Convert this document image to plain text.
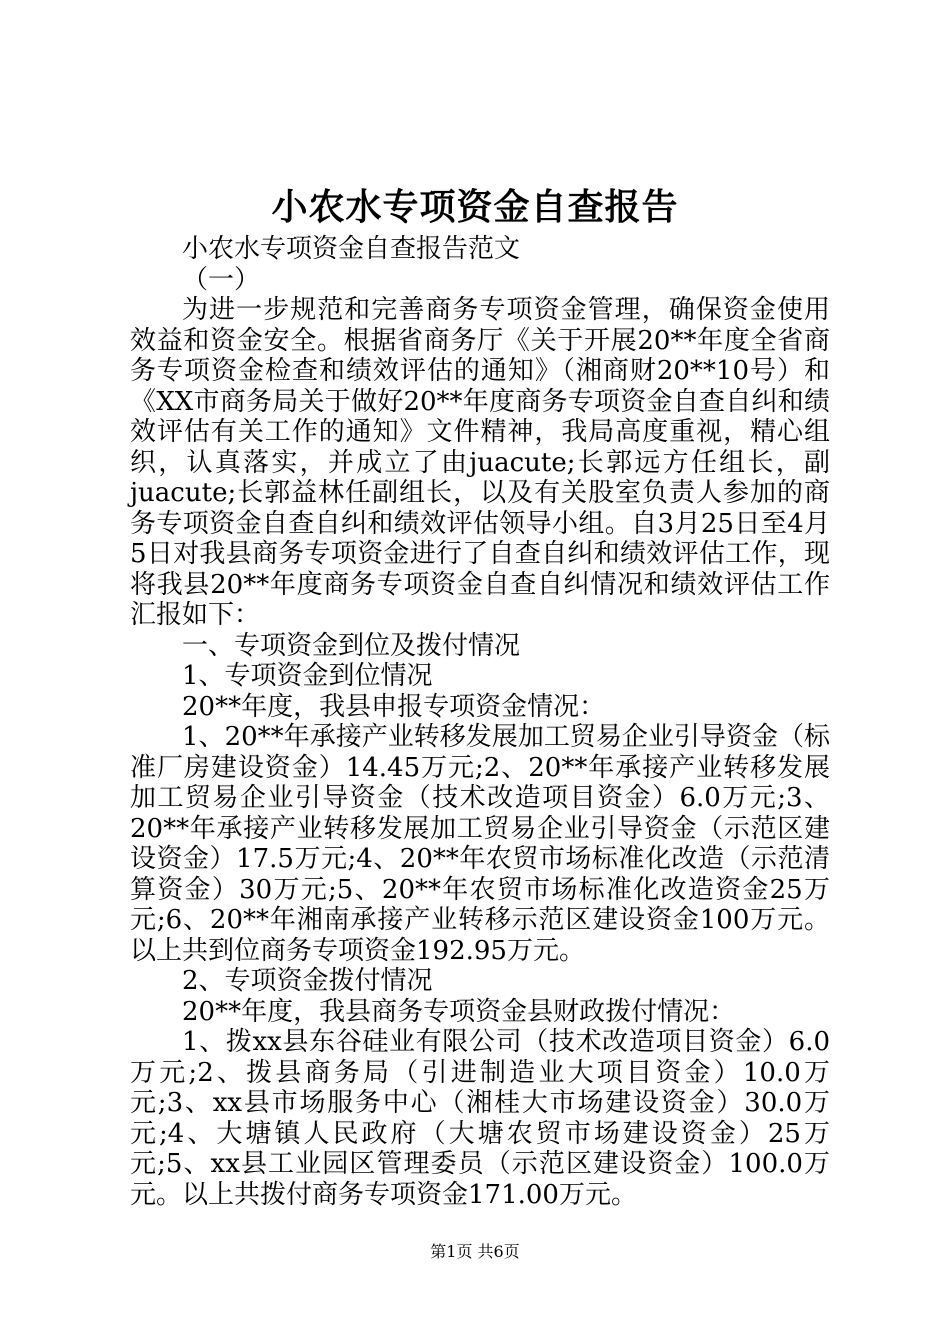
小农水专项资金自查报告

小农水专项资金自查报告范文

（一）

为进一步规范和完善商务专项资金管理，确保资金使用效益和资金安全。根据省商务厅《关于开展20**年度全省商务专项资金检查和绩效评估的通知》（湘商财20**10号）和《XX市商务局关于做好20**年度商务专项资金自查自纠和绩效评估有关工作的通知》文件精神，我局高度重视，精心组织，认真落实，并成立了由juacute;长郭远方任组长，副juacute;长郭益林任副组长，以及有关股室负责人参加的商务专项资金自查自纠和绩效评估领导小组。自3月25日至4月5日对我县商务专项资金进行了自查自纠和绩效评估工作，现将我县20**年度商务专项资金自查自纠情况和绩效评估工作汇报如下：

一、专项资金到位及拨付情况

1、专项资金到位情况

20**年度，我县申报专项资金情况：

1、20**年承接产业转移发展加工贸易企业引导资金（标准厂房建设资金）14.45万元;2、20**年承接产业转移发展加工贸易企业引导资金（技术改造项目资金）6.0万元;3、20**年承接产业转移发展加工贸易企业引导资金（示范区建设资金）17.5万元;4、20**年农贸市场标准化改造（示范清算资金）30万元;5、20**年农贸市场标准化改造资金25万元;6、20**年湘南承接产业转移示范区建设资金100万元。以上共到位商务专项资金192.95万元。

2、专项资金拨付情况

20**年度，我县商务专项资金县财政拨付情况：

1、拨xx县东谷硅业有限公司（技术改造项目资金）6.0万元;2、拨县商务局（引进制造业大项目资金）10.0万元;3、xx县市场服务中心（湘桂大市场建设资金）30.0万元;4、大塘镇人民政府（大塘农贸市场建设资金）25万元;5、xx县工业园区管理委员（示范区建设资金）100.0万元。以上共拨付商务专项资金171.00万元。

第1页 共6页
